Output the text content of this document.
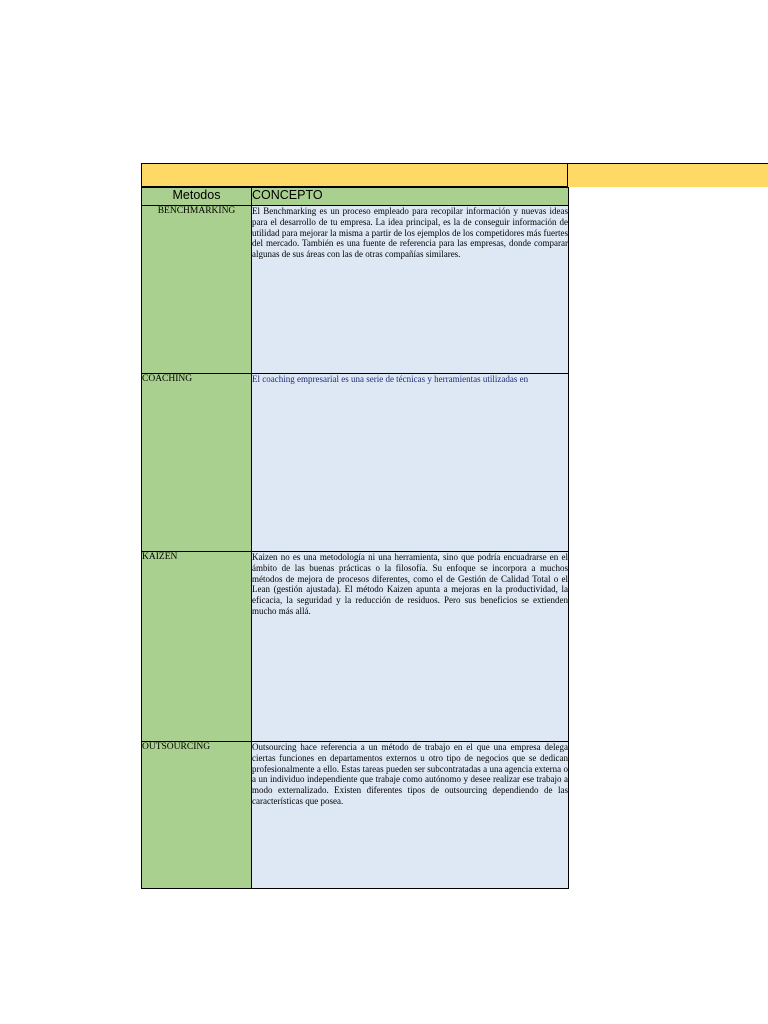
Metodos	CONCEPTO
BENCHMARKING	El Benchmarking es un proceso empleado para recopilar información y nuevas ideas para el desarrollo de tu empresa. La idea principal, es la de conseguir información de utilidad para mejorar la misma a partir de los ejemplos de los competidores más fuertes del mercado. También es una fuente de referencia para las empresas, donde comparar algunas de sus áreas con las de otras compañías similares.
COACHING	El coaching empresarial es una serie de técnicas y herramientas utilizadas en
KAIZEN	Kaizen no es una metodología ni una herramienta, sino que podría encuadrarse en el ámbito de las buenas prácticas o la filosofía. Su enfoque se incorpora a muchos métodos de mejora de procesos diferentes, como el de Gestión de Calidad Total o el Lean (gestión ajustada). El método Kaizen apunta a mejoras en la productividad, la eficacia, la seguridad y la reducción de residuos. Pero sus beneficios se extienden mucho más allá.
OUTSOURCING	Outsourcing hace referencia a un método de trabajo en el que una empresa delega ciertas funciones en departamentos externos u otro tipo de negocios que se dedican profesionalmente a ello. Estas tareas pueden ser subcontratadas a una agencia externa o a un individuo independiente que trabaje como autónomo y desee realizar ese trabajo a modo externalizado. Existen diferentes tipos de outsourcing dependiendo de las características que posea.
